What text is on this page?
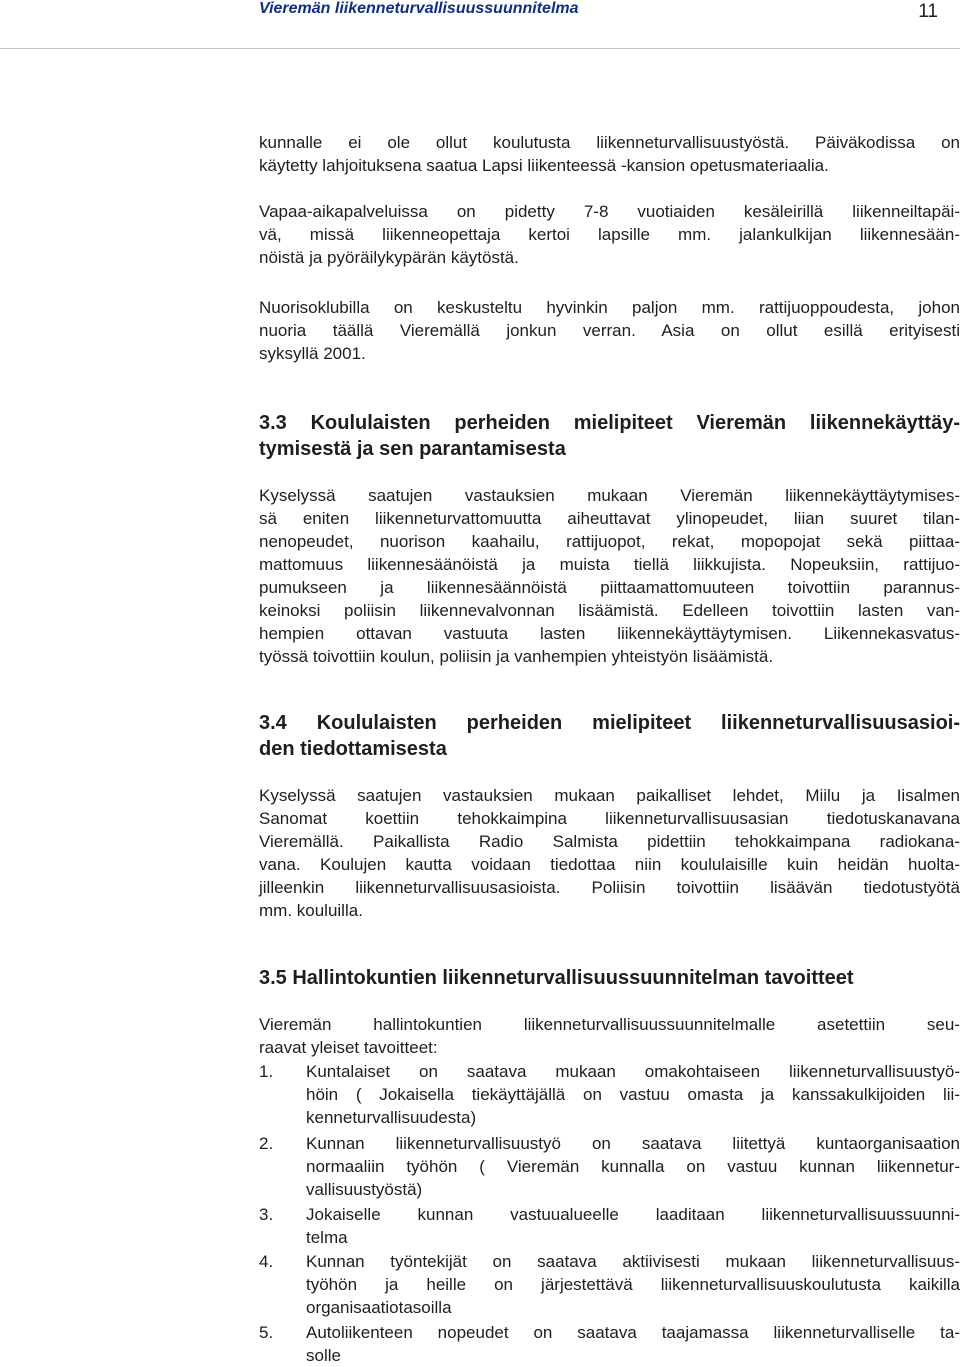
Vieremän liikenneturvallisuussuunnitelma	11

kunnalle ei ole ollut koulutusta liikenneturvallisuustyöstä. Päiväkodissa on
käytetty lahjoituksena saatua Lapsi liikenteessä -kansion opetusmateriaalia.

Vapaa-aikapalveluissa on pidetty 7-8 vuotiaiden kesäleirillä liikenneiltapäi-
vä, missä liikenneopettaja kertoi lapsille mm. jalankulkijan liikennesään-
nöistä ja pyöräilykypärän käytöstä.

Nuorisoklubilla on keskusteltu hyvinkin paljon mm. rattijuoppoudesta, johon
nuoria täällä Vieremällä jonkun verran. Asia on ollut esillä erityisesti
syksyllä 2001.

3.3 Koululaisten perheiden mielipiteet Vieremän liikennekäyttäy-
tymisestä ja sen parantamisesta

Kyselyssä saatujen vastauksien mukaan Vieremän liikennekäyttäytymises-
sä eniten liikenneturvattomuutta aiheuttavat ylinopeudet, liian suuret tilan-
nenopeudet, nuorison kaahailu, rattijuopot, rekat, mopopojat sekä piittaa-
mattomuus liikennesäänöistä ja muista tiellä liikkujista. Nopeuksiin, rattijuo-
pumukseen ja liikennesäännöistä piittaamattomuuteen toivottiin parannus-
keinoksi poliisin liikennevalvonnan lisäämistä. Edelleen toivottiin lasten van-
hempien ottavan vastuuta lasten liikennekäyttäytymisen. Liikennekasvatus-
työssä toivottiin koulun, poliisin ja vanhempien yhteistyön lisäämistä.

3.4 Koululaisten perheiden mielipiteet liikenneturvallisuusasioi-
den tiedottamisesta

Kyselyssä saatujen vastauksien mukaan paikalliset lehdet, Miilu ja Iisalmen
Sanomat koettiin tehokkaimpina liikenneturvallisuusasian tiedotuskanavana
Vieremällä. Paikallista Radio Salmista pidettiin tehokkaimpana radiokana-
vana. Koulujen kautta voidaan tiedottaa niin koululaisille kuin heidän huolta-
jilleenkin liikenneturvallisuusasioista. Poliisin toivottiin lisäävän tiedotustyötä
mm. kouluilla.

3.5 Hallintokuntien liikenneturvallisuussuunnitelman tavoitteet

Vieremän hallintokuntien liikenneturvallisuussuunnitelmalle asetettiin seu-
raavat yleiset tavoitteet:

1. Kuntalaiset on saatava mukaan omakohtaiseen liikenneturvallisuustyö-
höin ( Jokaisella tiekäyttäjällä on vastuu omasta ja kanssakulkijoiden lii-
kenneturvallisuudesta)
2. Kunnan liikenneturvallisuustyö on saatava liitettyä kuntaorganisaation
normaaliin työhön ( Vieremän kunnalla on vastuu kunnan liikennetur-
vallisuustyöstä)
3. Jokaiselle kunnan vastuualueelle laaditaan liikenneturvallisuussuunni-
telma
4. Kunnan työntekijät on saatava aktiivisesti mukaan liikenneturvallisuus-
työhön ja heille on järjestettävä liikenneturvallisuuskoulutusta kaikilla
organisaatiotasoilla
5. Autoliikenteen nopeudet on saatava taajamassa liikenneturvalliselle ta-
solle
